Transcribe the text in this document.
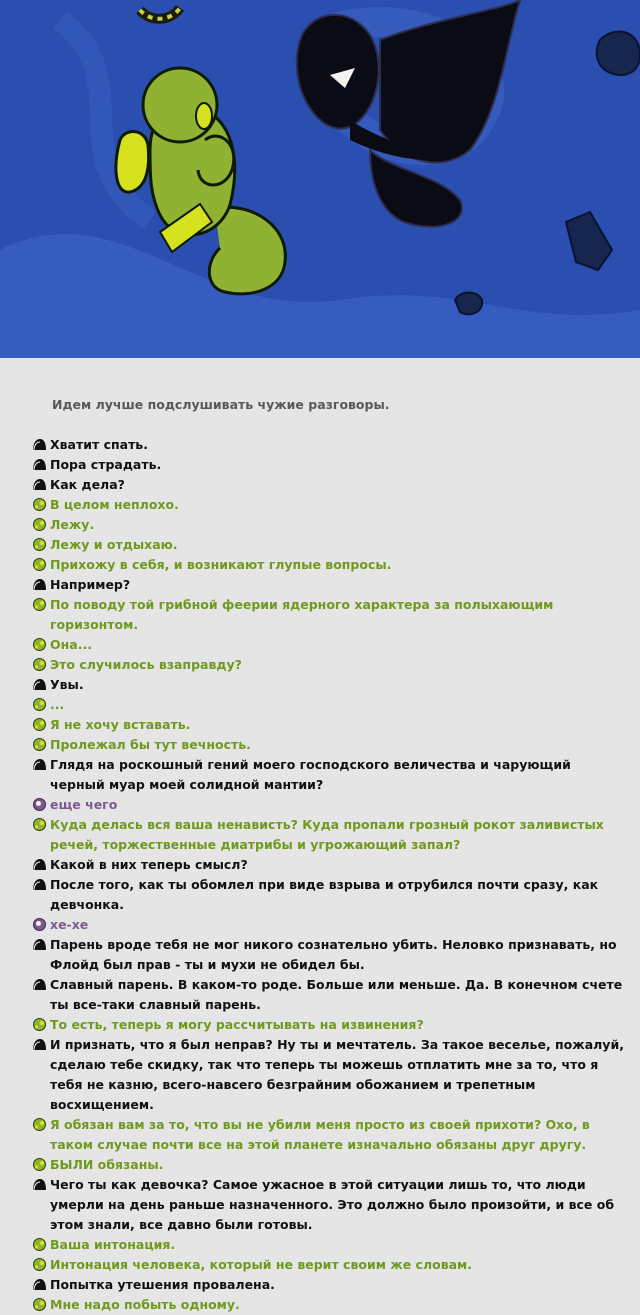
Идем лучше подслушивать чужие разговоры.
Хватит спать.
Пора страдать.
Как дела?
В целом неплохо.
Лежу.
Лежу и отдыхаю.
Прихожу в себя, и возникают глупые вопросы.
Например?
По поводу той грибной феерии ядерного характера за полыхающим горизонтом.
Она...
Это случилось взаправду?
Увы.
...
Я не хочу вставать.
Пролежал бы тут вечность.
Глядя на роскошный гений моего господского величества и чарующий черный муар моей солидной мантии?
еще чего
Куда делась вся ваша ненависть? Куда пропали грозный рокот заливистых речей, торжественные диатрибы и угрожающий запал?
Какой в них теперь смысл?
После того, как ты обомлел при виде взрыва и отрубился почти сразу, как девчонка.
хе-хе
Парень вроде тебя не мог никого сознательно убить. Неловко признавать, но Флойд был прав - ты и мухи не обидел бы.
Славный парень. В каком-то роде. Больше или меньше. Да. В конечном счете ты все-таки славный парень.
То есть, теперь я могу рассчитывать на извинения?
И признать, что я был неправ? Ну ты и мечтатель. За такое веселье, пожалуй, сделаю тебе скидку, так что теперь ты можешь отплатить мне за то, что я тебя не казню, всего-навсего безграйним обожанием и трепетным восхищением.
Я обязан вам за то, что вы не убили меня просто из своей прихоти? Охо, в таком случае почти все на этой планете изначально обязаны друг другу.
БЫЛИ обязаны.
Чего ты как девочка? Самое ужасное в этой ситуации лишь то, что люди умерли на день раньше назначенного. Это должно было произойти, и все об этом знали, все давно были готовы.
Ваша интонация.
Интонация человека, который не верит своим же словам.
Попытка утешения провалена.
Мне надо побыть одному.
